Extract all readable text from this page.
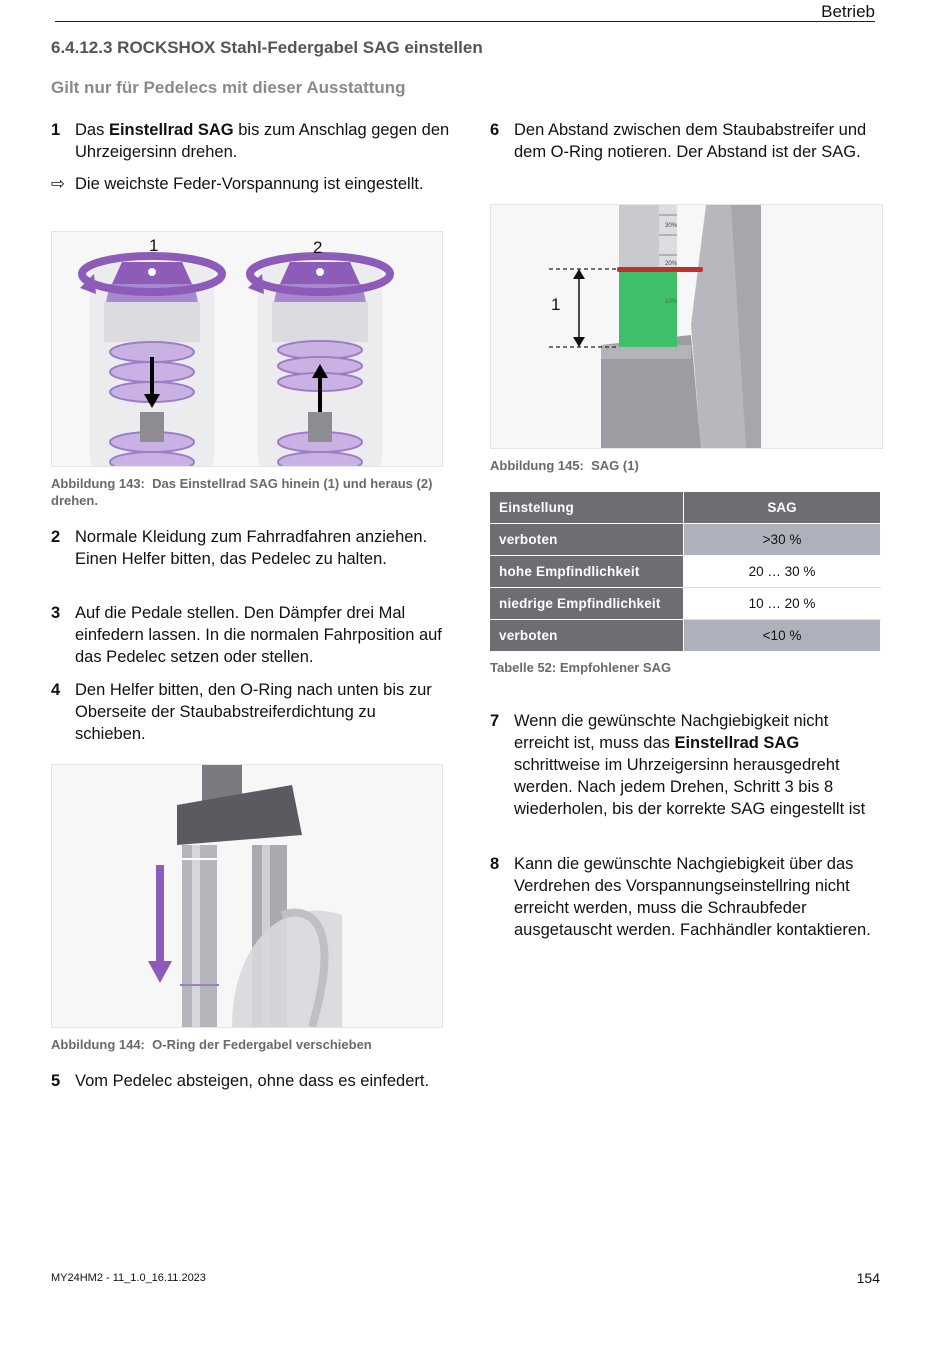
Betrieb
6.4.12.3 ROCKSHOX Stahl-Federgabel SAG einstellen
Gilt nur für Pedelecs mit dieser Ausstattung
1 Das Einstellrad SAG bis zum Anschlag gegen den Uhrzeigersinn drehen.
⇨ Die weichste Feder-Vorspannung ist eingestellt.
1	2
Abbildung 143: Das Einstellrad SAG hinein (1) und heraus (2) drehen.
2 Normale Kleidung zum Fahrradfahren anziehen. Einen Helfer bitten, das Pedelec zu halten.
3 Auf die Pedale stellen. Den Dämpfer drei Mal einfedern lassen. In die normalen Fahrposition auf das Pedelec setzen oder stellen.
4 Den Helfer bitten, den O-Ring nach unten bis zur Oberseite der Staubabstreiferdichtung zu schieben.
Abbildung 144: O-Ring der Federgabel verschieben
5 Vom Pedelec absteigen, ohne dass es einfedert.
6 Den Abstand zwischen dem Staubabstreifer und dem O-Ring notieren. Der Abstand ist der SAG.
30%
20%
10%
1
Abbildung 145: SAG (1)
Einstellung	SAG
verboten	>30 %
hohe Empfindlichkeit	20 … 30 %
niedrige Empfindlichkeit	10 … 20 %
verboten	<10 %
Tabelle 52: Empfohlener SAG
7 Wenn die gewünschte Nachgiebigkeit nicht erreicht ist, muss das Einstellrad SAG schrittweise im Uhrzeigersinn herausgedreht werden. Nach jedem Drehen, Schritt 3 bis 8 wiederholen, bis der korrekte SAG eingestellt ist
8 Kann die gewünschte Nachgiebigkeit über das Verdrehen des Vorspannungseinstellring nicht erreicht werden, muss die Schraubfeder ausgetauscht werden. Fachhändler kontaktieren.
MY24HM2 - 11_1.0_16.11.2023	154
